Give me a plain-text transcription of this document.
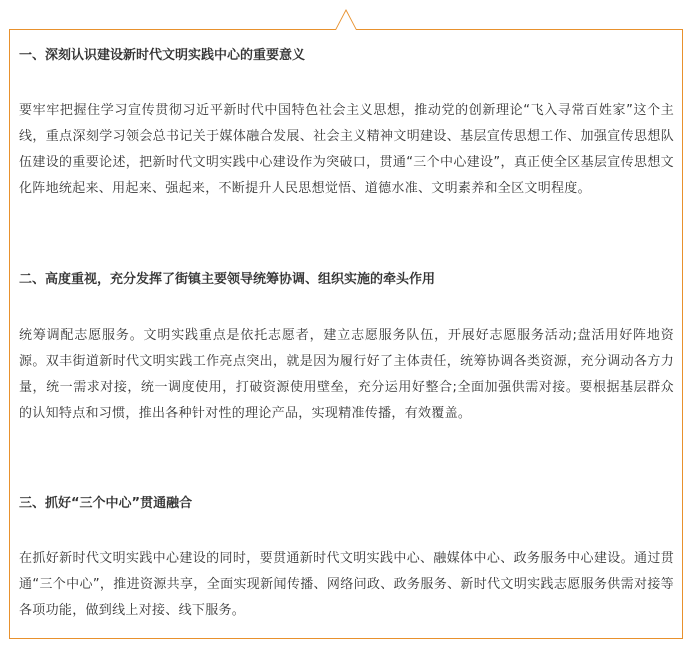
一、深刻认识建设新时代文明实践中心的重要意义

要牢牢把握住学习宣传贯彻习近平新时代中国特色社会主义思想，推动党的创新理论“飞入寻常百姓家”这个主线，重点深刻学习领会总书记关于媒体融合发展、社会主义精神文明建设、基层宣传思想工作、加强宣传思想队伍建设的重要论述，把新时代文明实践中心建设作为突破口，贯通“三个中心建设”，真正使全区基层宣传思想文化阵地统起来、用起来、强起来，不断提升人民思想觉悟、道德水准、文明素养和全区文明程度。

二、高度重视，充分发挥了街镇主要领导统筹协调、组织实施的牵头作用

统筹调配志愿服务。文明实践重点是依托志愿者，建立志愿服务队伍，开展好志愿服务活动;盘活用好阵地资源。双丰街道新时代文明实践工作亮点突出，就是因为履行好了主体责任，统筹协调各类资源，充分调动各方力量，统一需求对接，统一调度使用，打破资源使用壁垒，充分运用好整合;全面加强供需对接。要根据基层群众的认知特点和习惯，推出各种针对性的理论产品，实现精准传播，有效覆盖。

三、抓好“三个中心”贯通融合

在抓好新时代文明实践中心建设的同时，要贯通新时代文明实践中心、融媒体中心、政务服务中心建设。通过贯通“三个中心”，推进资源共享，全面实现新闻传播、网络问政、政务服务、新时代文明实践志愿服务供需对接等各项功能，做到线上对接、线下服务。
